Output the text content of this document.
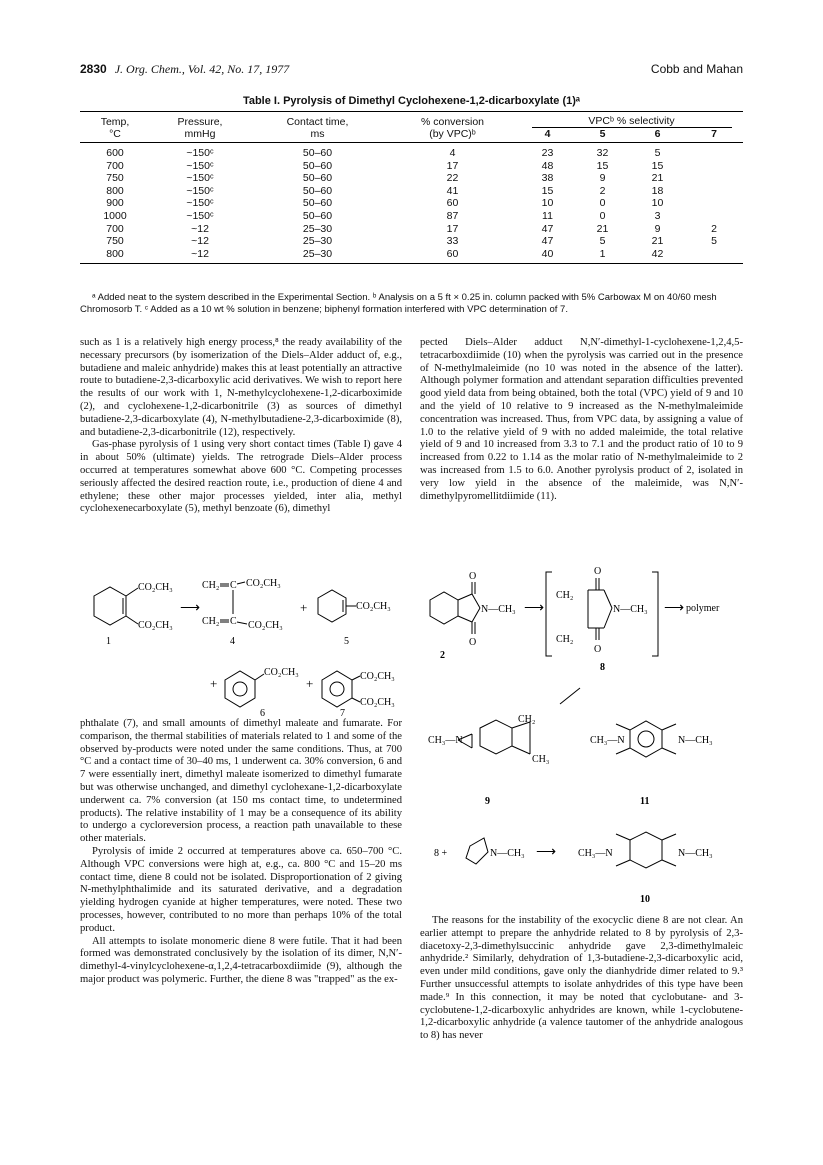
2830 J. Org. Chem., Vol. 42, No. 17, 1977	Cobb and Mahan
Table I. Pyrolysis of Dimethyl Cyclohexene-1,2-dicarboxylate (1)ᵃ
Temp,	Pressure,	Contact time,	% conversion	VPCᵇ % selectivity			
°C	mmHg	ms	(by VPC)ᵇ	4	5	6	7
600	~150ᶜ	50–60	4	23	32	5	
700	~150ᶜ	50–60	17	48	15	15	
750	~150ᶜ	50–60	22	38	9	21	
800	~150ᶜ	50–60	41	15	2	18	
900	~150ᶜ	50–60	60	10	0	10	
1000	~150ᶜ	50–60	87	11	0	3	
700	~12	25–30	17	47	21	9	2
750	~12	25–30	33	47	5	21	5
800	~12	25–30	60	40	1	42	
ᵃ Added neat to the system described in the Experimental Section. ᵇ Analysis on a 5 ft × 0.25 in. column packed with 5% Carbowax M on 40/60 mesh Chromosorb T. ᶜ Added as a 10 wt % solution in benzene; biphenyl formation interfered with VPC determination of 7.

such as 1 is a relatively high energy process,⁸ the ready availability of the necessary precursors (by isomerization of the Diels–Alder adduct of, e.g., butadiene and maleic anhydride) makes this at least potentially an attractive route to butadiene-2,3-dicarboxylic acid derivatives. We wish to report here the results of our work with 1, N-methylcyclohexene-1,2-dicarboximide (2), and cyclohexene-1,2-dicarbonitrile (3) as sources of dimethyl butadiene-2,3-dicarboxylate (4), N-methylbutadiene-2,3-dicarboximide (8), and butadiene-2,3-dicarbonitrile (12), respectively.

Gas-phase pyrolysis of 1 using very short contact times (Table I) gave 4 in about 50% (ultimate) yields. The retrograde Diels–Alder process occurred at temperatures somewhat above 600 °C. Competing processes seriously affected the desired reaction route, i.e., production of diene 4 and ethylene; these other major processes yielded, inter alia, methyl cyclohexenecarboxylate (5), methyl benzoate (6), dimethyl

CO₂CH₃
CO₂CH₃
1
⟶
CH₂ C CO₂CH₃
CH₂ C CO₂CH₃
4
+	CO₂CH₃
5
+
CO₂CH₃
6
+	CO₂CH₃
CO₂CH₃
7

phthalate (7), and small amounts of dimethyl maleate and fumarate. For comparison, the thermal stabilities of materials related to 1 and some of the observed by-products were noted under the same conditions. Thus, at 700 °C and a contact time of 30–40 ms, 1 underwent ca. 30% conversion, 6 and 7 were essentially inert, dimethyl maleate isomerized to dimethyl fumarate but was otherwise unchanged, and dimethyl cyclohexane-1,2-dicarboxylate underwent ca. 7% conversion (at 150 ms contact time, to undetermined products). The relative instability of 1 may be a consequence of its ability to undergo a cycloreversion process, a reaction path unavailable to these other materials.

Pyrolysis of imide 2 occurred at temperatures above ca. 650–700 °C. Although VPC conversions were high at, e.g., ca. 800 °C and 15–20 ms contact time, diene 8 could not be isolated. Disproportionation of 2 giving N-methylphthalimide and its saturated derivative, and a degradation yielding hydrogen cyanide at higher temperatures, were noted. These two processes, however, contributed to no more than perhaps 10% of the total product.

All attempts to isolate monomeric diene 8 were futile. That it had been formed was demonstrated conclusively by the isolation of its dimer, N,N′-dimethyl-4-vinylcyclohexene-α,1,2,4-tetracarboxdiimide (9), although the major product was polymeric. Further, the diene 8 was "trapped" as the ex-

pected Diels–Alder adduct N,N′-dimethyl-1-cyclohexene-1,2,4,5-tetracarboxdiimide (10) when the pyrolysis was carried out in the presence of N-methylmaleimide (no 10 was noted in the absence of the latter). Although polymer formation and attendant separation difficulties prevented good yield data from being obtained, both the total (VPC) yield of 9 and 10 and the yield of 10 relative to 9 increased as the N-methylmaleimide concentration was increased. Thus, from VPC data, by assigning a value of 1.0 to the relative yield of 9 with no added maleimide, the total relative yield of 9 and 10 increased from 3.3 to 7.1 and the product ratio of 10 to 9 increased from 0.22 to 1.14 as the molar ratio of N-methylmaleimide to 2 was increased from 1.5 to 6.0. Another pyrolysis product of 2, isolated in very low yield in the absence of the maleimide, was N,N′-dimethylpyromellitdiimide (11).

O
O
N—CH₃
2
⟶
CH₂
CH₂
O
O
N—CH₃ ⟶ polymer
8
CH₃—N
CH₂
CH₃
9
CH₃—N	N—CH₃
11
8 +	N—CH₃ ⟶ CH₃—N	N—CH₃
10

The reasons for the instability of the exocyclic diene 8 are not clear. An earlier attempt to prepare the anhydride related to 8 by pyrolysis of 2,3-diacetoxy-2,3-dimethylsuccinic anhydride gave 2,3-dimethylmaleic anhydride.² Similarly, dehydration of 1,3-butadiene-2,3-dicarboxylic acid, even under mild conditions, gave only the dianhydride dimer related to 9.³ Further unsuccessful attempts to isolate anhydrides of this type have been made.⁹ In this connection, it may be noted that cyclobutane- and 3-cyclobutene-1,2-dicarboxylic anhydrides are known, while 1-cyclobutene-1,2-dicarboxylic anhydride (a valence tautomer of the anhydride analogous to 8) has never
